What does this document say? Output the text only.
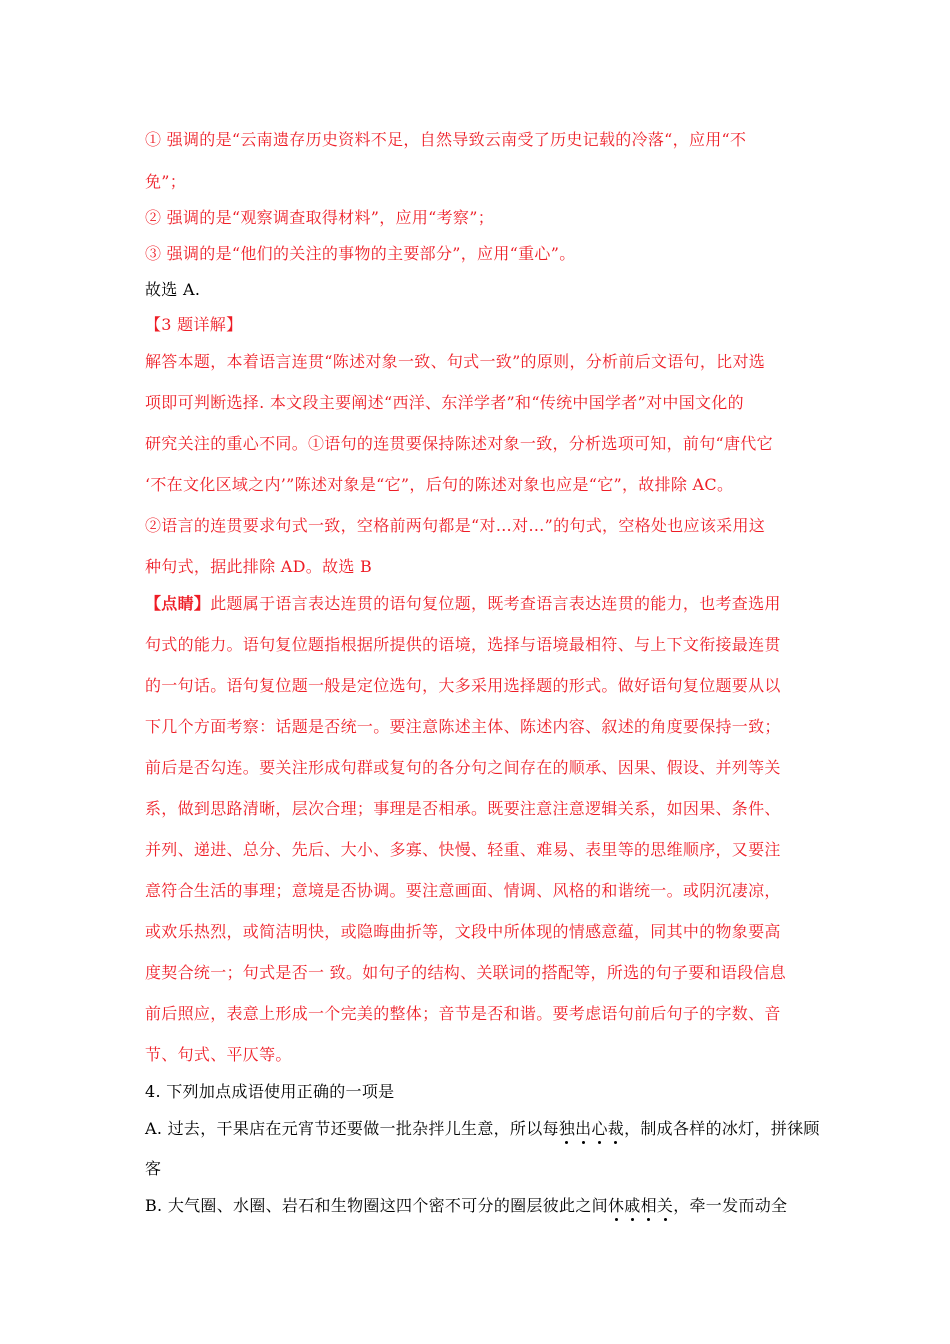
① 强调的是“云南遗存历史资料不足，自然导致云南受了历史记载的冷落“，应用“不
免”；
② 强调的是“观察调查取得材料”，应用“考察”；
③ 强调的是“他们的关注的事物的主要部分”，应用“重心”。
故选 A.
【3 题详解】
解答本题，本着语言连贯“陈述对象一致、句式一致”的原则，分析前后文语句，比对选
项即可判断选择. 本文段主要阐述“西洋、东洋学者”和“传统中国学者”对中国文化的
研究关注的重心不同。①语句的连贯要保持陈述对象一致，分析选项可知，前句“唐代它
‘不在文化区域之内’”陈述对象是“它”，后句的陈述对象也应是“它”，故排除 AC。
②语言的连贯要求句式一致，空格前两句都是“对…对…”的句式，空格处也应该采用这
种句式，据此排除 AD。故选 B
【点睛】此题属于语言表达连贯的语句复位题，既考查语言表达连贯的能力，也考查选用
句式的能力。语句复位题指根据所提供的语境，选择与语境最相符、与上下文衔接最连贯
的一句话。语句复位题一般是定位选句，大多采用选择题的形式。做好语句复位题要从以
下几个方面考察：话题是否统一。要注意陈述主体、陈述内容、叙述的角度要保持一致；
前后是否勾连。要关注形成句群或复句的各分句之间存在的顺承、因果、假设、并列等关
系，做到思路清晰，层次合理；事理是否相承。既要注意注意逻辑关系，如因果、条件、
并列、递进、总分、先后、大小、多寡、快慢、轻重、难易、表里等的思维顺序，又要注
意符合生活的事理；意境是否协调。要注意画面、情调、风格的和谐统一。或阴沉凄凉，
或欢乐热烈，或简洁明快，或隐晦曲折等，文段中所体现的情感意蕴，同其中的物象要高
度契合统一；句式是否一 致。如句子的结构、关联词的搭配等，所选的句子要和语段信息
前后照应，表意上形成一个完美的整体；音节是否和谐。要考虑语句前后句子的字数、音
节、句式、平仄等。
4. 下列加点成语使用正确的一项是
A. 过去，干果店在元宵节还要做一批杂拌儿生意，所以每独出心裁，制成各样的冰灯，拼徕顾
客
B. 大气圈、水圈、岩石和生物圈这四个密不可分的圈层彼此之间休戚相关，牵一发而动全
